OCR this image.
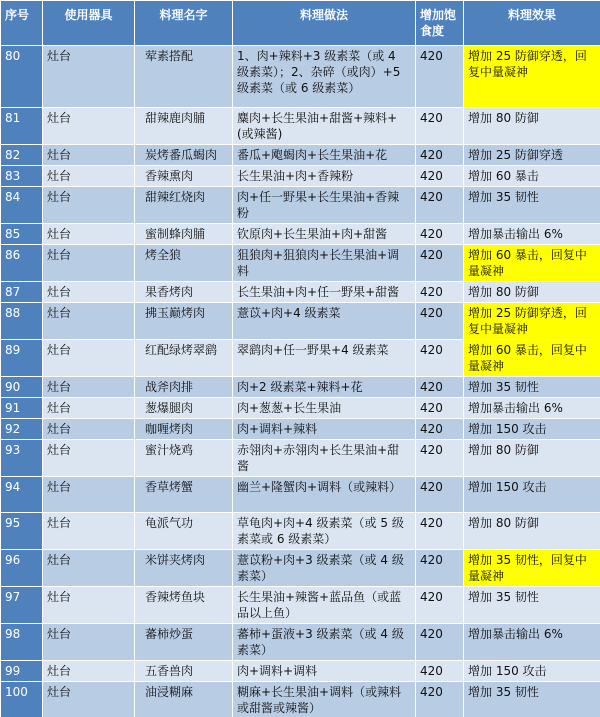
序号	使用器具	料理名字	料理做法	增加饱食度	料理效果
80	灶台	荤素搭配	1、肉+辣料+3 级素菜（或 4 级素菜）；2、杂碎（或肉）+5 级素菜（或 6 级素菜）	420	增加 25 防御穿透，回复中量凝神
81	灶台	甜辣鹿肉脯	麋肉+长生果油+甜酱+辣料+(或辣酱)	420	增加 80 防御
82	灶台	炭烤番瓜蝎肉	番瓜+飑蝎肉+长生果油+花	420	增加 25 防御穿透
83	灶台	香辣熏肉	长生果油+肉+香辣粉	420	增加 60 暴击
84	灶台	甜辣红烧肉	肉+任一野果+长生果油+香辣粉	420	增加 35 韧性
85	灶台	蜜制蜂肉脯	钦原肉+长生果油+肉+甜酱	420	增加暴击输出 6%
86	灶台	烤全狼	狙狼肉+狙狼肉+长生果油+调料	420	增加 60 暴击，回复中量凝神
87	灶台	果香烤肉	长生果油+肉+任一野果+甜酱	420	增加 80 防御
88	灶台	拂玉巅烤肉	薏苡+肉+4 级素菜	420	增加 25 防御穿透，回复中量凝神
89	灶台	红配绿烤翠鹞	翠鹞肉+任一野果+4 级素菜	420	增加 60 暴击，回复中量凝神
90	灶台	战斧肉排	肉+2 级素菜+辣料+花	420	增加 35 韧性
91	灶台	葱爆腿肉	肉+葱葱+长生果油	420	增加暴击输出 6%
92	灶台	咖喱烤肉	肉+调料+辣料	420	增加 150 攻击
93	灶台	蜜汁烧鸡	赤翎肉+赤翎肉+长生果油+甜酱	420	增加 80 防御
94	灶台	香草烤蟹	幽兰+隆蟹肉+调料（或辣料）	420	增加 150 攻击
95	灶台	龟派气功	草龟肉+肉+4 级素菜（或 5 级素菜或 6 级素菜）	420	增加 80 防御
96	灶台	米饼夹烤肉	薏苡粉+肉+3 级素菜（或 4 级素菜）	420	增加 35 韧性，回复中量凝神
97	灶台	香辣烤鱼块	长生果油+辣酱+蓝品鱼（或蓝品以上鱼）	420	增加 35 韧性
98	灶台	蕃柿炒蛋	蕃柿+蛋液+3 级素菜（或 4 级素菜）	420	增加暴击输出 6%
99	灶台	五香兽肉	肉+调料+调料	420	增加 150 攻击
100	灶台	油浸糊麻	糊麻+长生果油+调料（或辣料或甜酱或辣酱）	420	增加 35 韧性
